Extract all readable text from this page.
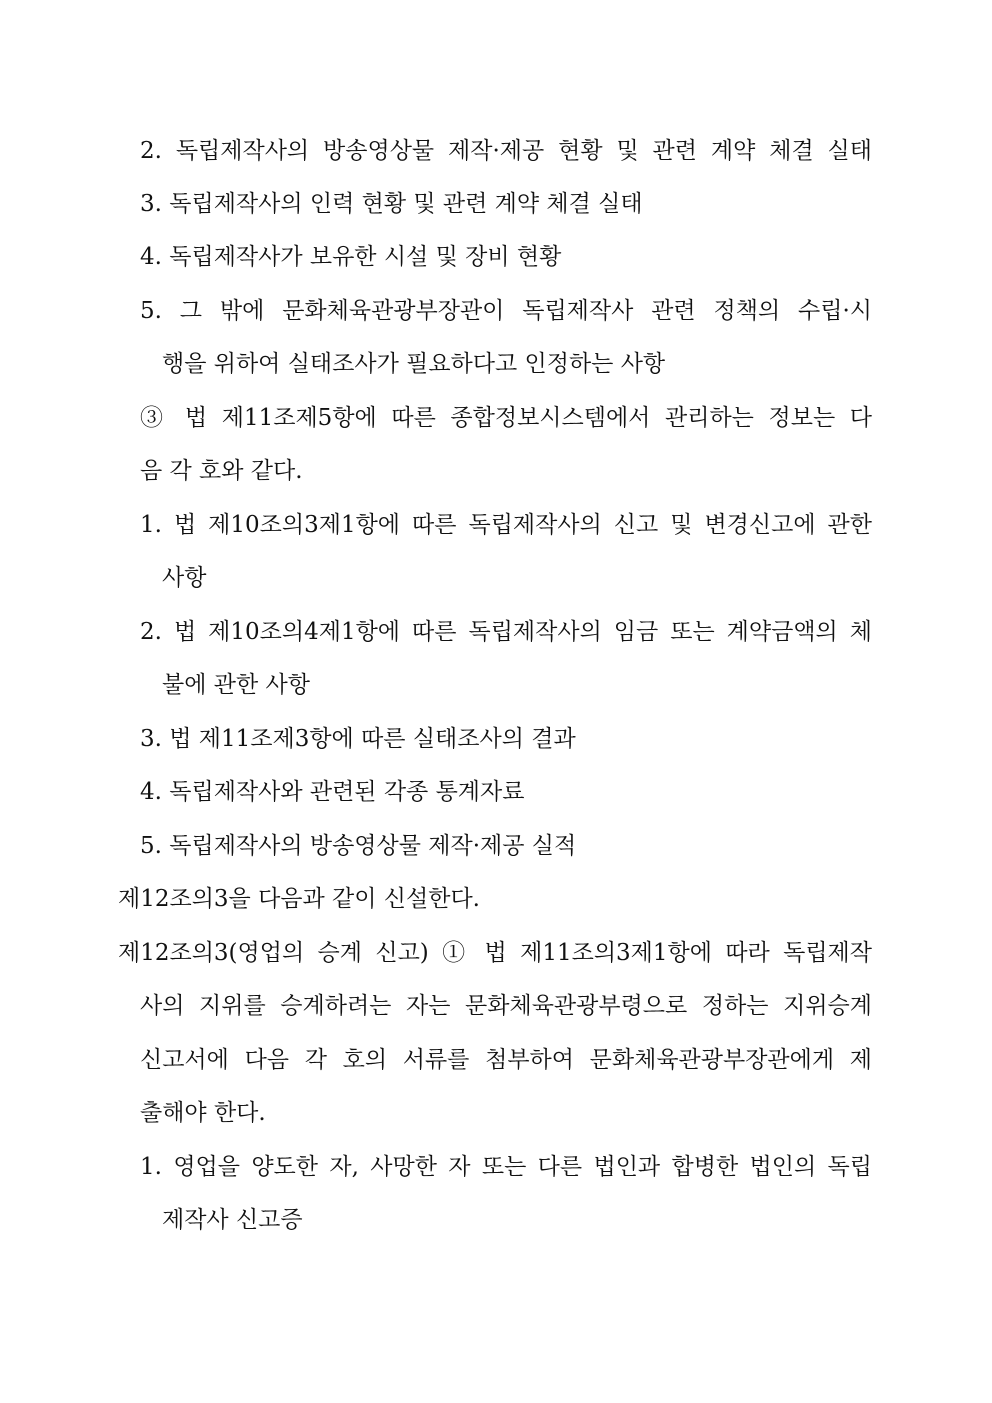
2. 독립제작사의 방송영상물 제작·제공 현황 및 관련 계약 체결 실태

3. 독립제작사의 인력 현황 및 관련 계약 체결 실태

4. 독립제작사가 보유한 시설 및 장비 현황

5. 그 밖에 문화체육관광부장관이 독립제작사 관련 정책의 수립·시

행을 위하여 실태조사가 필요하다고 인정하는 사항

③ 법 제11조제5항에 따른 종합정보시스템에서 관리하는 정보는 다

음 각 호와 같다.

1. 법 제10조의3제1항에 따른 독립제작사의 신고 및 변경신고에 관한

사항

2. 법 제10조의4제1항에 따른 독립제작사의 임금 또는 계약금액의 체

불에 관한 사항

3. 법 제11조제3항에 따른 실태조사의 결과

4. 독립제작사와 관련된 각종 통계자료

5. 독립제작사의 방송영상물 제작·제공 실적

제12조의3을 다음과 같이 신설한다.

제12조의3(영업의 승계 신고) ① 법 제11조의3제1항에 따라 독립제작

사의 지위를 승계하려는 자는 문화체육관광부령으로 정하는 지위승계

신고서에 다음 각 호의 서류를 첨부하여 문화체육관광부장관에게 제

출해야 한다.

1. 영업을 양도한 자, 사망한 자 또는 다른 법인과 합병한 법인의 독립

제작사 신고증
